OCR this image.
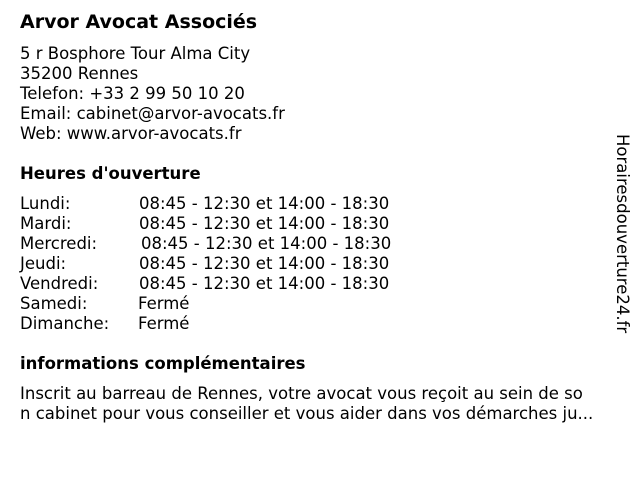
Arvor Avocat Associés
5 r Bosphore Tour Alma City
35200 Rennes
Telefon: +33 2 99 50 10 20
Email: cabinet@arvor-avocats.fr
Web: www.arvor-avocats.fr
Heures d'ouverture
Lundi:	08:45 - 12:30 et 14:00 - 18:30
Mardi:	08:45 - 12:30 et 14:00 - 18:30
Mercredi:	08:45 - 12:30 et 14:00 - 18:30
Jeudi:	08:45 - 12:30 et 14:00 - 18:30
Vendredi: 08:45 - 12:30 et 14:00 - 18:30
Samedi:	Fermé
Dimanche: Fermé
informations complémentaires
Inscrit au barreau de Rennes, votre avocat vous reçoit au sein de so
n cabinet pour vous conseiller et vous aider dans vos démarches ju...
Horairesdouverture24.fr
